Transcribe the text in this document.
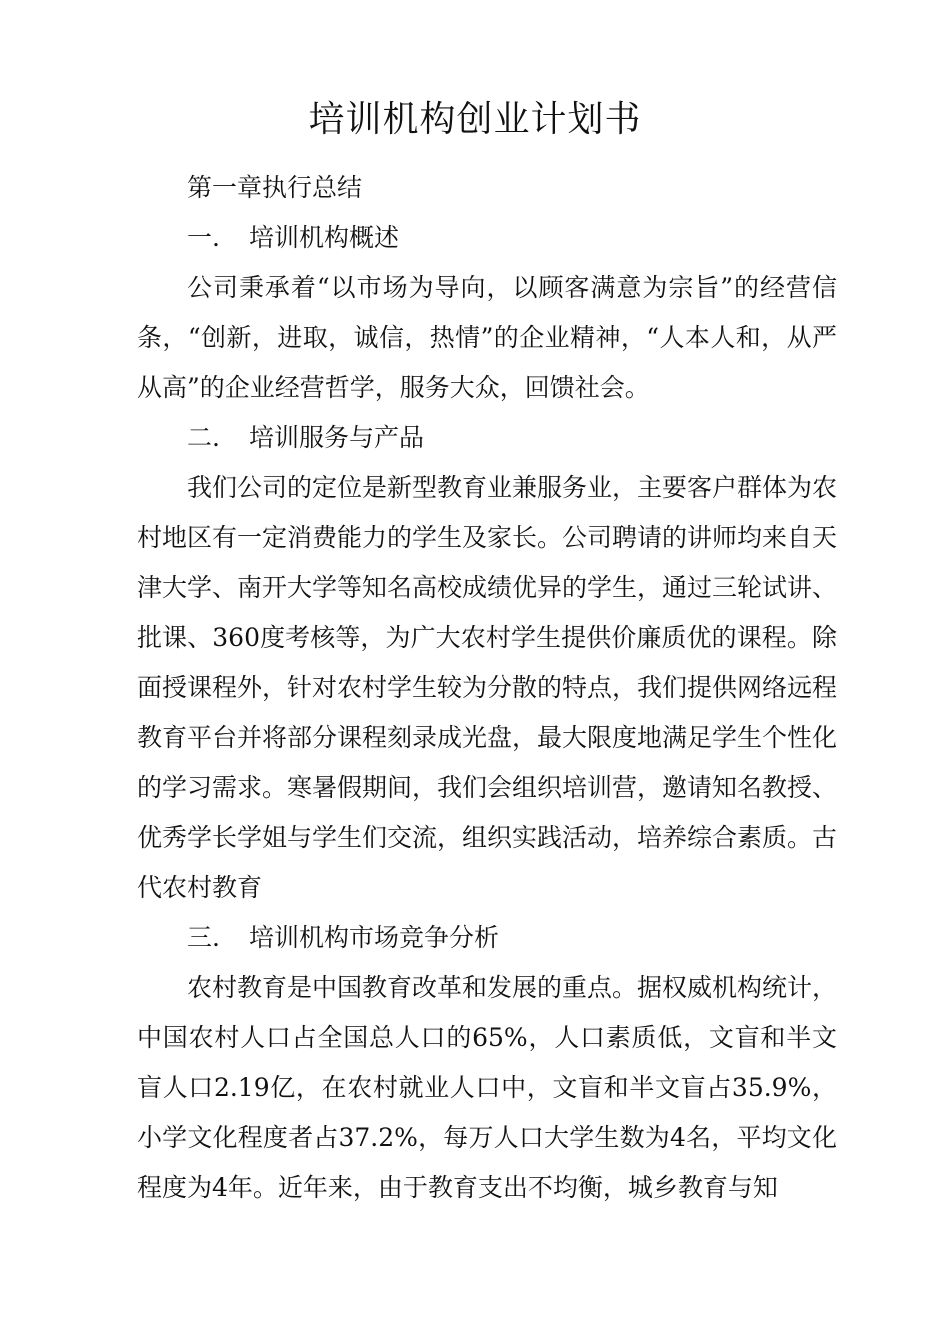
培训机构创业计划书

第一章执行总结

一. 培训机构概述

公司秉承着“以市场为导向，以顾客满意为宗旨”的经营信条，“创新，进取，诚信，热情”的企业精神，“人本人和，从严从高”的企业经营哲学，服务大众，回馈社会。

二. 培训服务与产品

我们公司的定位是新型教育业兼服务业，主要客户群体为农村地区有一定消费能力的学生及家长。公司聘请的讲师均来自天津大学、南开大学等知名高校成绩优异的学生，通过三轮试讲、批课、360度考核等，为广大农村学生提供价廉质优的课程。除面授课程外，针对农村学生较为分散的特点，我们提供网络远程教育平台并将部分课程刻录成光盘，最大限度地满足学生个性化的学习需求。寒暑假期间，我们会组织培训营，邀请知名教授、优秀学长学姐与学生们交流，组织实践活动，培养综合素质。古代农村教育

三. 培训机构市场竞争分析

农村教育是中国教育改革和发展的重点。据权威机构统计，中国农村人口占全国总人口的65%，人口素质低，文盲和半文盲人口2.19亿，在农村就业人口中，文盲和半文盲占35.9%，小学文化程度者占37.2%，每万人口大学生数为4名，平均文化程度为4年。近年来，由于教育支出不均衡，城乡教育与知
